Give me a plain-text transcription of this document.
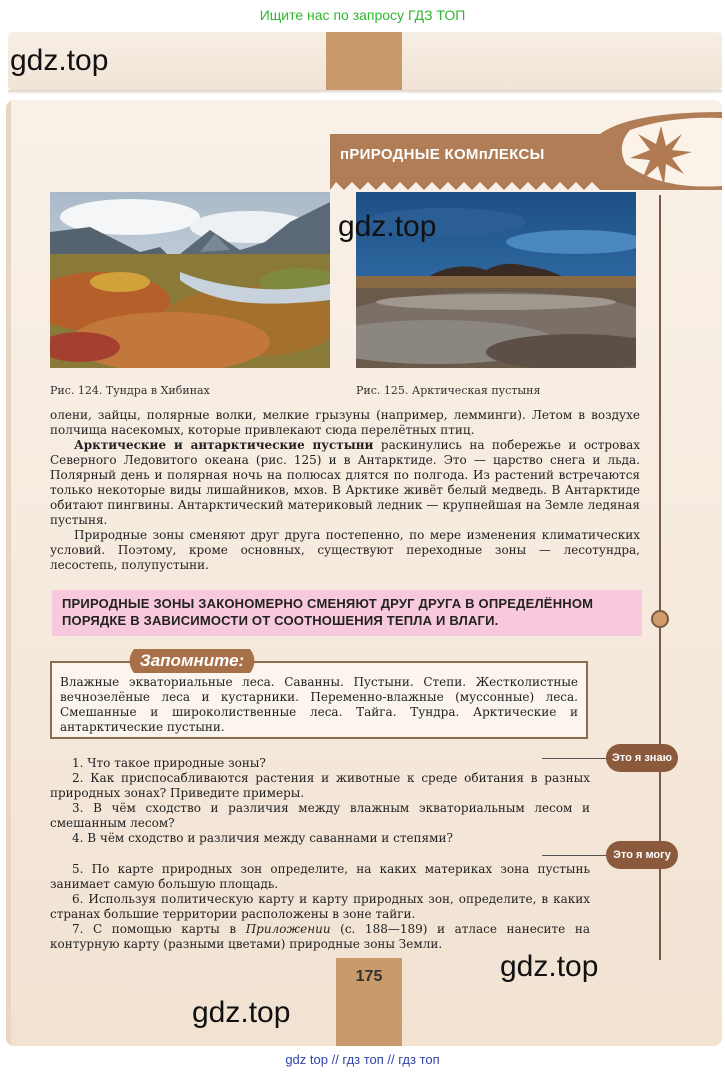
Ищите нас по запросу ГДЗ ТОП
gdz.top
пРИРОДНЫЕ КОМпЛЕКСЫ
gdz.top
Рис. 124. Тундра в Хибинах	Рис. 125. Арктическая пустыня

олени, зайцы, полярные волки, мелкие грызуны (например, лемминги). Летом в воздухе полчища насекомых, которые привлекают сюда перелётных птиц.

Арктические и антарктические пустыни раскинулись на побережье и островах Северного Ледовитого океана (рис. 125) и в Антарктиде. Это — царство снега и льда. Полярный день и полярная ночь на полюсах длятся по полгода. Из растений встречаются только некоторые виды лишайников, мхов. В Арктике живёт белый медведь. В Антарктиде обитают пингвины. Антарктический материковый ледник — крупнейшая на Земле ледяная пустыня.

Природные зоны сменяют друг друга постепенно, по мере изменения климатических условий. Поэтому, кроме основных, существуют переходные зоны — лесотундра, лесостепь, полупустыни.

ПРИРОДНЫЕ ЗОНЫ ЗАКОНОМЕРНО СМЕНЯЮТ ДРУГ ДРУГА В ОПРЕДЕЛЁННОМ ПОРЯДКЕ В ЗАВИСИМОСТИ ОТ СООТНОШЕНИЯ ТЕПЛА И ВЛАГИ.
Влажные экваториальные леса. Саванны. Пустыни. Степи. Жестколистные вечнозелёные леса и кустарники. Переменно-влажные (муссонные) леса. Смешанные и широколиственные леса. Тайга. Тундра. Арктические и антарктические пустыни.
Запомните:

1. Что такое природные зоны?

2. Как приспосабливаются растения и животные к среде обитания в разных природных зонах? Приведите примеры.

3. В чём сходство и различия между влажным экваториальным лесом и смешанным лесом?

4. В чём сходство и различия между саваннами и степями?

5. По карте природных зон определите, на каких материках зона пустынь занимает самую большую площадь.

6. Используя политическую карту и карту природных зон, определите, в каких странах большие территории расположены в зоне тайги.

7. С помощью карты в Приложении (с. 188—189) и атласе нанесите на контурную карту (разными цветами) природные зоны Земли.

Это я знаю
Это я могу
175	gdz.top
gdz.top
gdz top // гдз топ // гдз топ
